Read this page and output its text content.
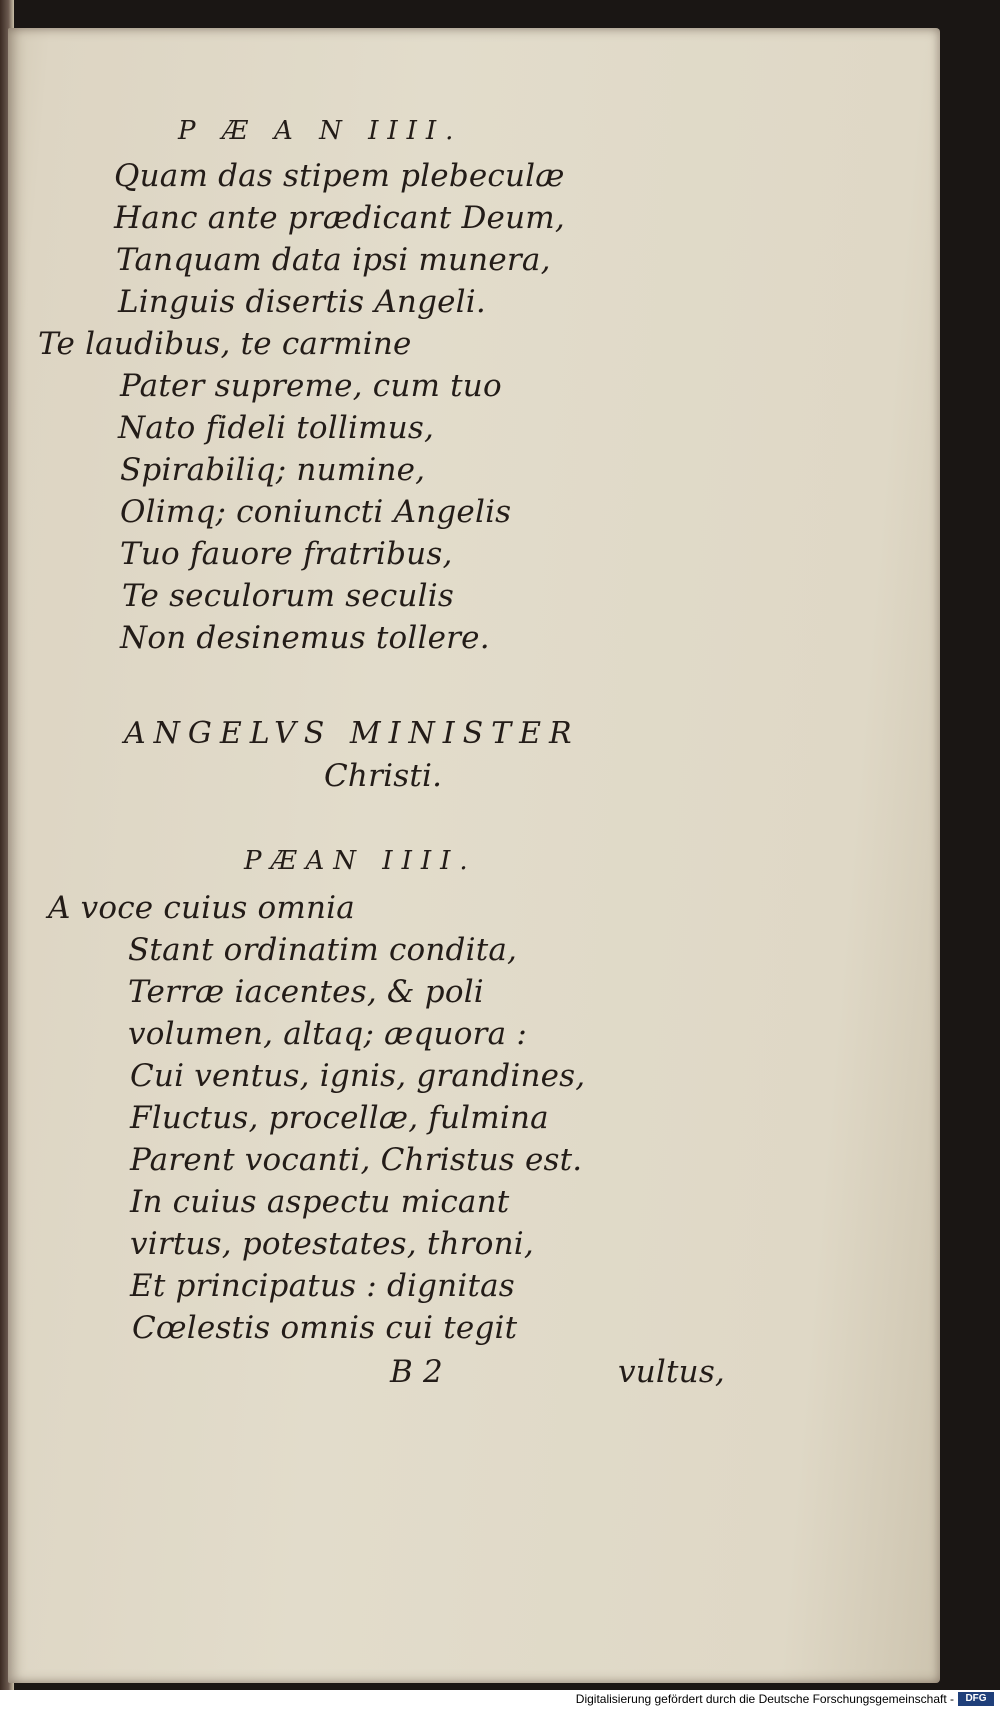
P Æ A N IIII.
Quam das stipem plebeculæ
Hanc ante prædicant Deum,
Tanquam data ipsi munera,
Linguis disertis Angeli.
Te laudibus, te carmine
Pater supreme, cum tuo
Nato fideli tollimus,
Spirabiliq; numine,
Olimq; coniuncti Angelis
Tuo fauore fratribus,
Te seculorum seculis
Non desinemus tollere.
ANGELVS MINISTER
Christi.
PÆAN IIII.
A voce cuius omnia
Stant ordinatim condita,
Terræ iacentes, & poli
volumen, altaq; æquora :
Cui ventus, ignis, grandines,
Fluctus, procellæ, fulmina
Parent vocanti, Christus est.
In cuius aspectu micant
virtus, potestates, throni,
Et principatus : dignitas
Cœlestis omnis cui tegit
B 2	vultus,
Digitalisierung gefördert durch die Deutsche Forschungsgemeinschaft -	DFG
